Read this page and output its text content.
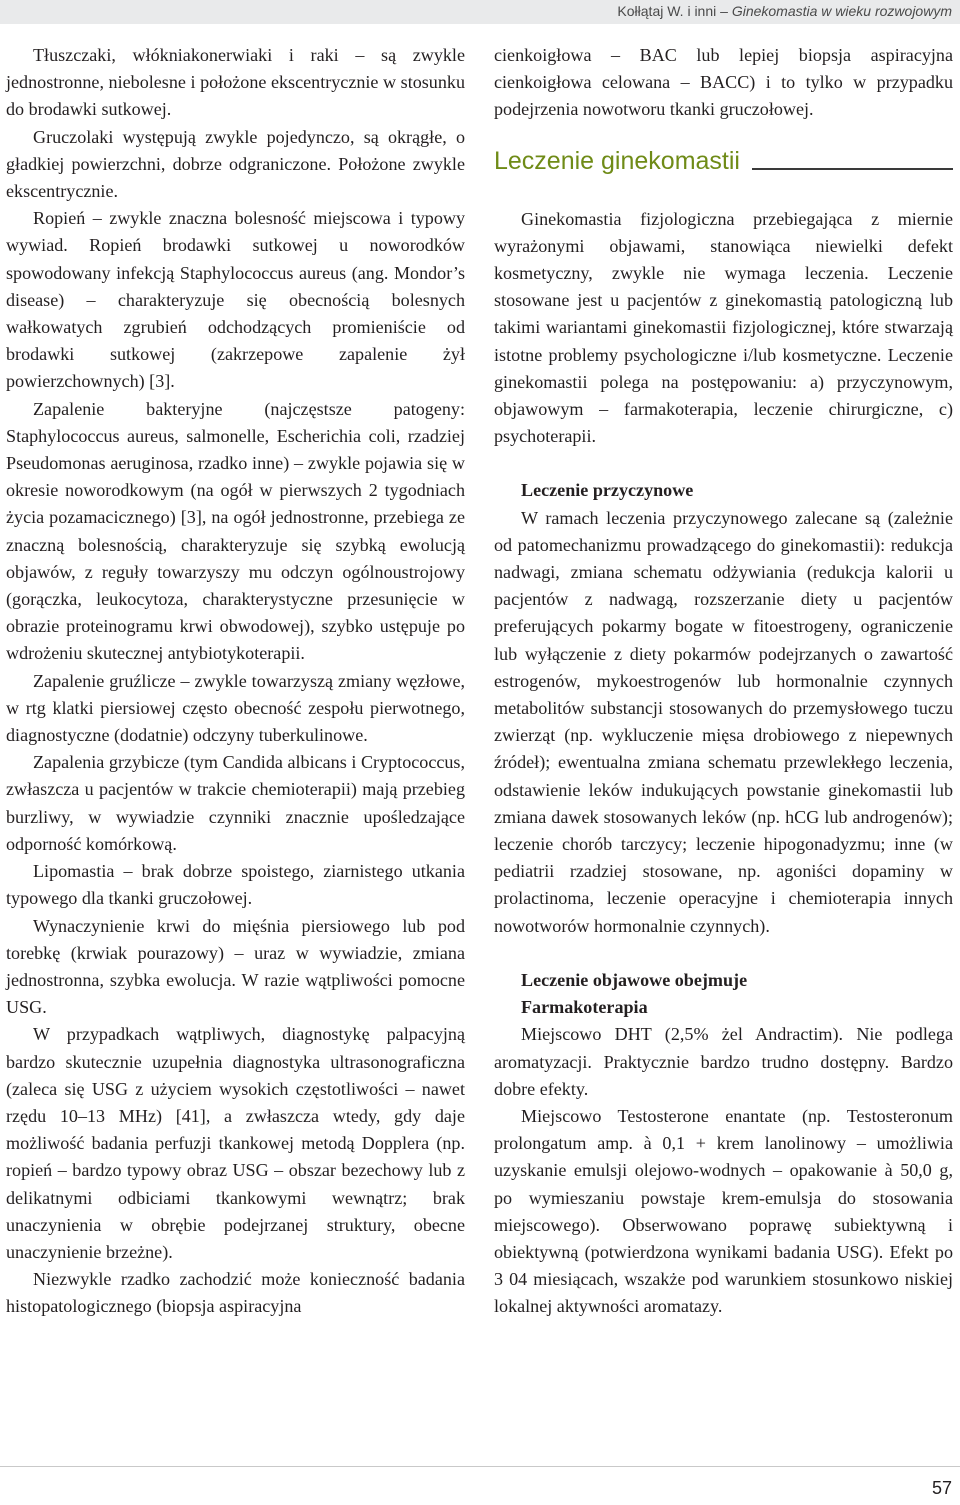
Kołłątaj W. i inni – Ginekomastia w wieku rozwojowym

Tłuszczaki, włókniakonerwiaki i raki – są zwykle jednostronne, niebolesne i położone ekscentrycznie w stosunku do brodawki sutkowej.

Gruczolaki występują zwykle pojedynczo, są okrągłe, o gładkiej powierzchni, dobrze odgraniczone. Położone zwykle ekscentrycznie.

Ropień – zwykle znaczna bolesność miejscowa i typowy wywiad. Ropień brodawki sutkowej u noworodków spowodowany infekcją Staphylococcus aureus (ang. Mondor’s disease) – charakteryzuje się obecnością bolesnych wałkowatych zgrubień odchodzących promieniście od brodawki sutkowej (zakrzepowe zapalenie żył powierzchownych) [3].

Zapalenie bakteryjne (najczęstsze patogeny: Staphylococcus aureus, salmonelle, Escherichia coli, rzadziej Pseudomonas aeruginosa, rzadko inne) – zwykle pojawia się w okresie noworodkowym (na ogół w pierwszych 2 tygodniach życia pozamacicznego) [3], na ogół jednostronne, przebiega ze znaczną bolesnością, charakteryzuje się szybką ewolucją objawów, z reguły towarzyszy mu odczyn ogólnoustrojowy (gorączka, leukocytoza, charakterystyczne przesunięcie w obrazie proteinogramu krwi obwodowej), szybko ustępuje po wdrożeniu skutecznej antybiotykoterapii.

Zapalenie gruźlicze – zwykle towarzyszą zmiany węzłowe, w rtg klatki piersiowej często obecność zespołu pierwotnego, diagnostyczne (dodatnie) odczyny tuberkulinowe.

Zapalenia grzybicze (tym Candida albicans i Cryptococcus, zwłaszcza u pacjentów w trakcie chemioterapii) mają przebieg burzliwy, w wywiadzie czynniki znacznie upośledzające odporność komórkową.

Lipomastia – brak dobrze spoistego, ziarnistego utkania typowego dla tkanki gruczołowej.

Wynaczynienie krwi do mięśnia piersiowego lub pod torebkę (krwiak pourazowy) – uraz w wywiadzie, zmiana jednostronna, szybka ewolucja. W razie wątpliwości pomocne USG.

W przypadkach wątpliwych, diagnostykę palpacyjną bardzo skutecznie uzupełnia diagnostyka ultrasonograficzna (zaleca się USG z użyciem wysokich częstotliwości – nawet rzędu 10–13 MHz) [41], a zwłaszcza wtedy, gdy daje możliwość badania perfuzji tkankowej metodą Dopplera (np. ropień – bardzo typowy obraz USG – obszar bezechowy lub z delikatnymi odbiciami tkankowymi wewnątrz; brak unaczynienia w obrębie podejrzanej struktury, obecne unaczynienie brzeżne).

Niezwykle rzadko zachodzić może konieczność badania histopatologicznego (biopsja aspiracyjna

cienkoigłowa – BAC lub lepiej biopsja aspiracyjna cienkoigłowa celowana – BACC) i to tylko w przypadku podejrzenia nowotworu tkanki gruczołowej.

Leczenie ginekomastii

Ginekomastia fizjologiczna przebiegająca z miernie wyrażonymi objawami, stanowiąca niewielki defekt kosmetyczny, zwykle nie wymaga leczenia. Leczenie stosowane jest u pacjentów z ginekomastią patologiczną lub takimi wariantami ginekomastii fizjologicznej, które stwarzają istotne problemy psychologiczne i/lub kosmetyczne. Leczenie ginekomastii polega na postępowaniu: a) przyczynowym, objawowym – farmakoterapia, leczenie chirurgiczne, c) psychoterapii.

Leczenie przyczynowe

W ramach leczenia przyczynowego zalecane są (zależnie od patomechanizmu prowadzącego do ginekomastii): redukcja nadwagi, zmiana schematu odżywiania (redukcja kalorii u pacjentów z nadwagą, rozszerzanie diety u pacjentów preferujących pokarmy bogate w fitoestrogeny, ograniczenie lub wyłączenie z diety pokarmów podejrzanych o zawartość estrogenów, mykoestrogenów lub hormonalnie czynnych metabolitów substancji stosowanych do przemysłowego tuczu zwierząt (np. wykluczenie mięsa drobiowego z niepewnych źródeł); ewentualna zmiana schematu przewlekłego leczenia, odstawienie leków indukujących powstanie ginekomastii lub zmiana dawek stosowanych leków (np. hCG lub androgenów); leczenie chorób tarczycy; leczenie hipogonadyzmu; inne (w pediatrii rzadziej stosowane, np. agoniści dopaminy w prolactinoma, leczenie operacyjne i chemioterapia innych nowotworów hormonalnie czynnych).

Leczenie objawowe obejmuje

Farmakoterapia

Miejscowo DHT (2,5% żel Andractim). Nie podlega aromatyzacji. Praktycznie bardzo trudno dostępny. Bardzo dobre efekty.

Miejscowo Testosterone enantate (np. Testosteronum prolongatum amp. à 0,1 + krem lanolinowy – umożliwia uzyskanie emulsji olejowo-wodnych – opakowanie à 50,0 g, po wymieszaniu powstaje krem-emulsja do stosowania miejscowego). Obserwowano poprawę subiektywną i obiektywną (potwierdzona wynikami badania USG). Efekt po 3 04 miesiącach, wszakże pod warunkiem stosunkowo niskiej lokalnej aktywności aromatazy.

57
